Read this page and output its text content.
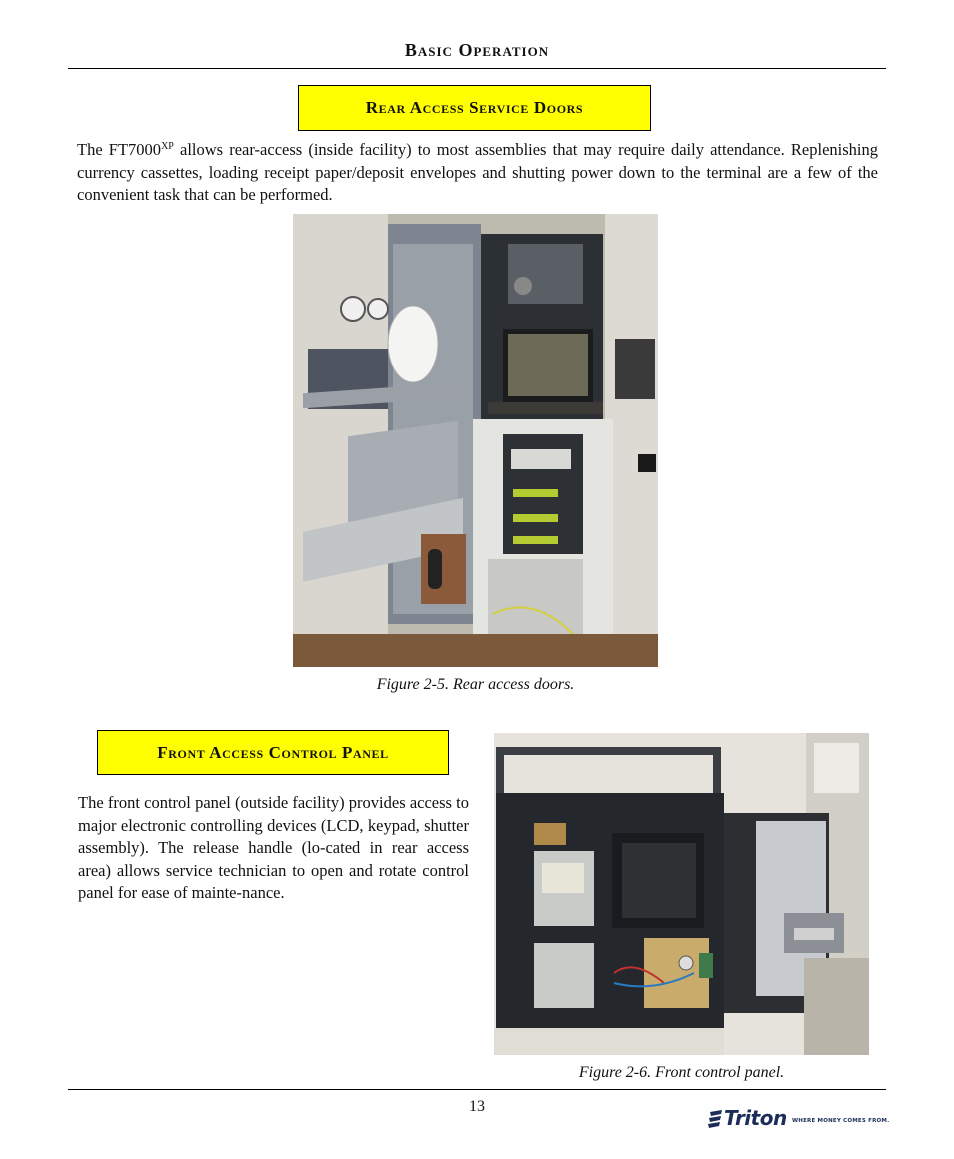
Basic Operation
Rear Access Service Doors
The $FT7000^{XP}$ allows rear-access (inside facility) to most assemblies that may require daily attendance. Replenishing currency cassettes, loading receipt paper/deposit envelopes and shutting power down to the terminal are a few of the convenient task that can be performed.
Figure 2-5. Rear access doors.
Front Access Control Panel
The front control panel (outside facility) provides access to major electronic controlling devices (LCD, keypad, shutter assembly). The release handle (lo-cated in rear access area) allows service technician to open and rotate control panel for ease of mainte-nance.
Figure 2-6. Front control panel.
13	Triton WHERE MONEY COMES FROM.
